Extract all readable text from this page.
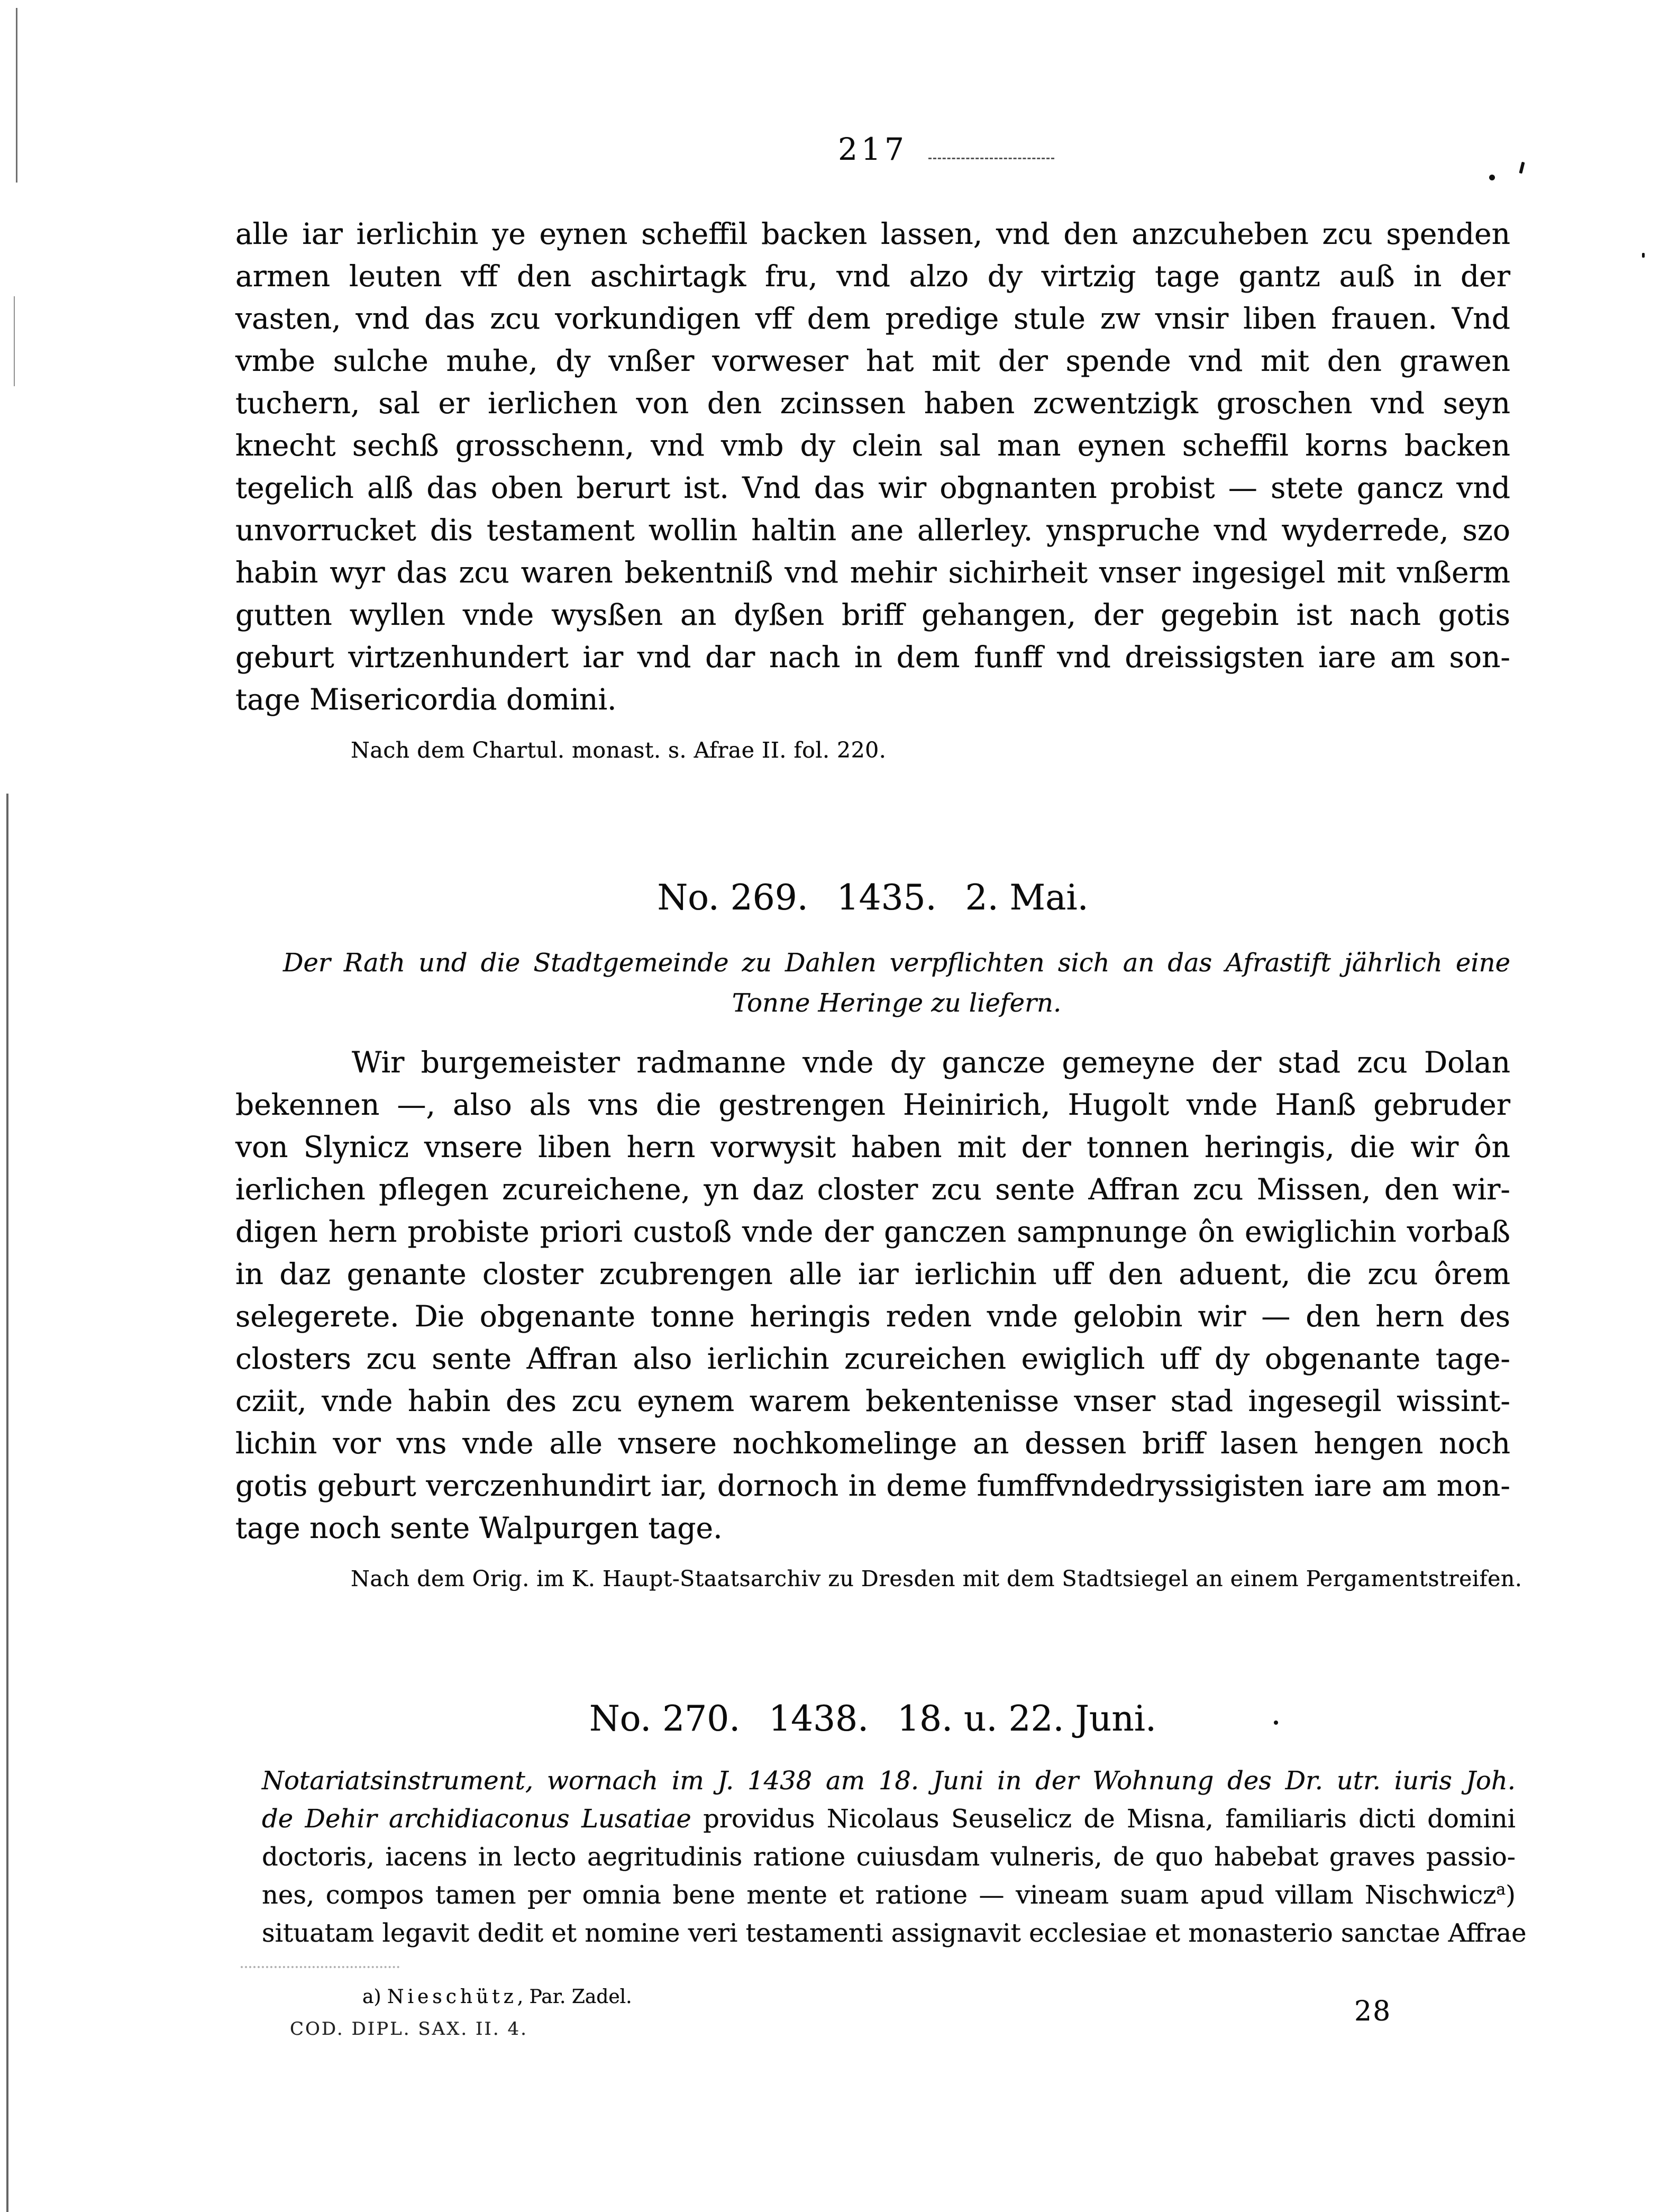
217
alle iar ierlichin ye eynen scheffil backen lassen, vnd den anzcuheben zcu spenden
armen leuten vff den aschirtagk fru, vnd alzo dy virtzig tage gantz auß in der
vasten, vnd das zcu vorkundigen vff dem predige stule zw vnsir liben frauen. Vnd
vmbe sulche muhe, dy vnßer vorweser hat mit der spende vnd mit den grawen
tuchern, sal er ierlichen von den zcinssen haben zcwentzigk groschen vnd seyn
knecht sechß grosschenn, vnd vmb dy clein sal man eynen scheffil korns backen
tegelich alß das oben berurt ist. Vnd das wir obgnanten probist — stete gancz vnd
unvorrucket dis testament wollin haltin ane allerley. ynspruche vnd wyderrede, szo
habin wyr das zcu waren bekentniß vnd mehir sichirheit vnser ingesigel mit vnßerm
gutten wyllen vnde wysßen an dyßen briff gehangen, der gegebin ist nach gotis
geburt virtzenhundert iar vnd dar nach in dem funff vnd dreissigsten iare am son-
tage Misericordia domini.
Nach dem Chartul. monast. s. Afrae II. fol. 220.
No. 269.  1435.  2. Mai.
Der Rath und die Stadtgemeinde zu Dahlen verpflichten sich an das Afrastift jährlich eine
Tonne Heringe zu liefern.
Wir burgemeister radmanne vnde dy gancze gemeyne der stad zcu Dolan
bekennen —, also als vns die gestrengen Heinirich, Hugolt vnde Hanß gebruder
von Slynicz vnsere liben hern vorwysit haben mit der tonnen heringis, die wir ôn
ierlichen pflegen zcureichene, yn daz closter zcu sente Affran zcu Missen, den wir-
digen hern probiste priori custoß vnde der ganczen sampnunge ôn ewiglichin vorbaß
in daz genante closter zcubrengen alle iar ierlichin uff den aduent, die zcu ôrem
selegerete. Die obgenante tonne heringis reden vnde gelobin wir — den hern des
closters zcu sente Affran also ierlichin zcureichen ewiglich uff dy obgenante tage-
cziit, vnde habin des zcu eynem warem bekentenisse vnser stad ingesegil wissint-
lichin vor vns vnde alle vnsere nochkomelinge an dessen briff lasen hengen noch
gotis geburt verczenhundirt iar, dornoch in deme fumffvndedryssigisten iare am mon-
tage noch sente Walpurgen tage.
Nach dem Orig. im K. Haupt-Staatsarchiv zu Dresden mit dem Stadtsiegel an einem Pergamentstreifen.
No. 270.  1438.  18. u. 22. Juni.
Notariatsinstrument, wornach im J. 1438 am 18. Juni in der Wohnung des Dr. utr. iuris Joh.
de Dehir archidiaconus Lusatiae providus Nicolaus Seuselicz de Misna, familiaris dicti domini
doctoris, iacens in lecto aegritudinis ratione cuiusdam vulneris, de quo habebat graves passio-
nes, compos tamen per omnia bene mente et ratione — vineam suam apud villam Nischwicz$^a$)
situatam legavit dedit et nomine veri testamenti assignavit ecclesiae et monasterio sanctae Affrae
a) Nieschütz, Par. Zadel.
COD. DIPL. SAX. II. 4.
28
